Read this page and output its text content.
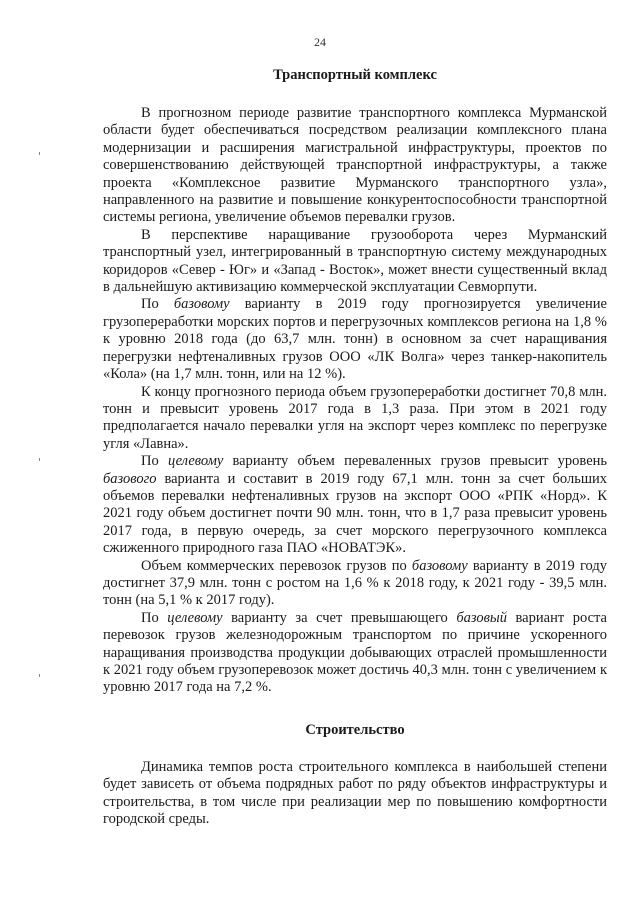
24
'
'
'
Транспортный комплекс

В прогнозном периоде развитие транспортного комплекса Мурманской области будет обеспечиваться посредством реализации комплексного плана модернизации и расширения магистральной инфраструктуры, проектов по совершенствованию действующей транспортной инфраструктуры, а также проекта «Комплексное развитие Мурманского транспортного узла», направленного на развитие и повышение конкурентоспособности транспортной системы региона, увеличение объемов перевалки грузов.

В перспективе наращивание грузооборота через Мурманский транспортный узел, интегрированный в транспортную систему международных коридоров «Север - Юг» и «Запад - Восток», может внести существенный вклад в дальнейшую активизацию коммерческой эксплуатации Севморпути.

По базовому варианту в 2019 году прогнозируется увеличение грузопереработки морских портов и перегрузочных комплексов региона на 1,8 % к уровню 2018 года (до 63,7 млн. тонн) в основном за счет наращивания перегрузки нефтеналивных грузов ООО «ЛК Волга» через танкер-накопитель «Кола» (на 1,7 млн. тонн, или на 12 %).

К концу прогнозного периода объем грузопереработки достигнет 70,8 млн. тонн и превысит уровень 2017 года в 1,3 раза. При этом в 2021 году предполагается начало перевалки угля на экспорт через комплекс по перегрузке угля «Лавна».

По целевому варианту объем переваленных грузов превысит уровень базового варианта и составит в 2019 году 67,1 млн. тонн за счет больших объемов перевалки нефтеналивных грузов на экспорт ООО «РПК «Норд». К 2021 году объем достигнет почти 90 млн. тонн, что в 1,7 раза превысит уровень 2017 года, в первую очередь, за счет морского перегрузочного комплекса сжиженного природного газа ПАО «НОВАТЭК».

Объем коммерческих перевозок грузов по базовому варианту в 2019 году достигнет 37,9 млн. тонн с ростом на 1,6 % к 2018 году, к 2021 году - 39,5 млн. тонн (на 5,1 % к 2017 году).

По целевому варианту за счет превышающего базовый вариант роста перевозок грузов железнодорожным транспортом по причине ускоренного наращивания производства продукции добывающих отраслей промышленности к 2021 году объем грузоперевозок может достичь 40,3 млн. тонн с увеличением к уровню 2017 года на 7,2 %.

Строительство

Динамика темпов роста строительного комплекса в наибольшей степени будет зависеть от объема подрядных работ по ряду объектов инфраструктуры и строительства, в том числе при реализации мер по повышению комфортности городской среды.
